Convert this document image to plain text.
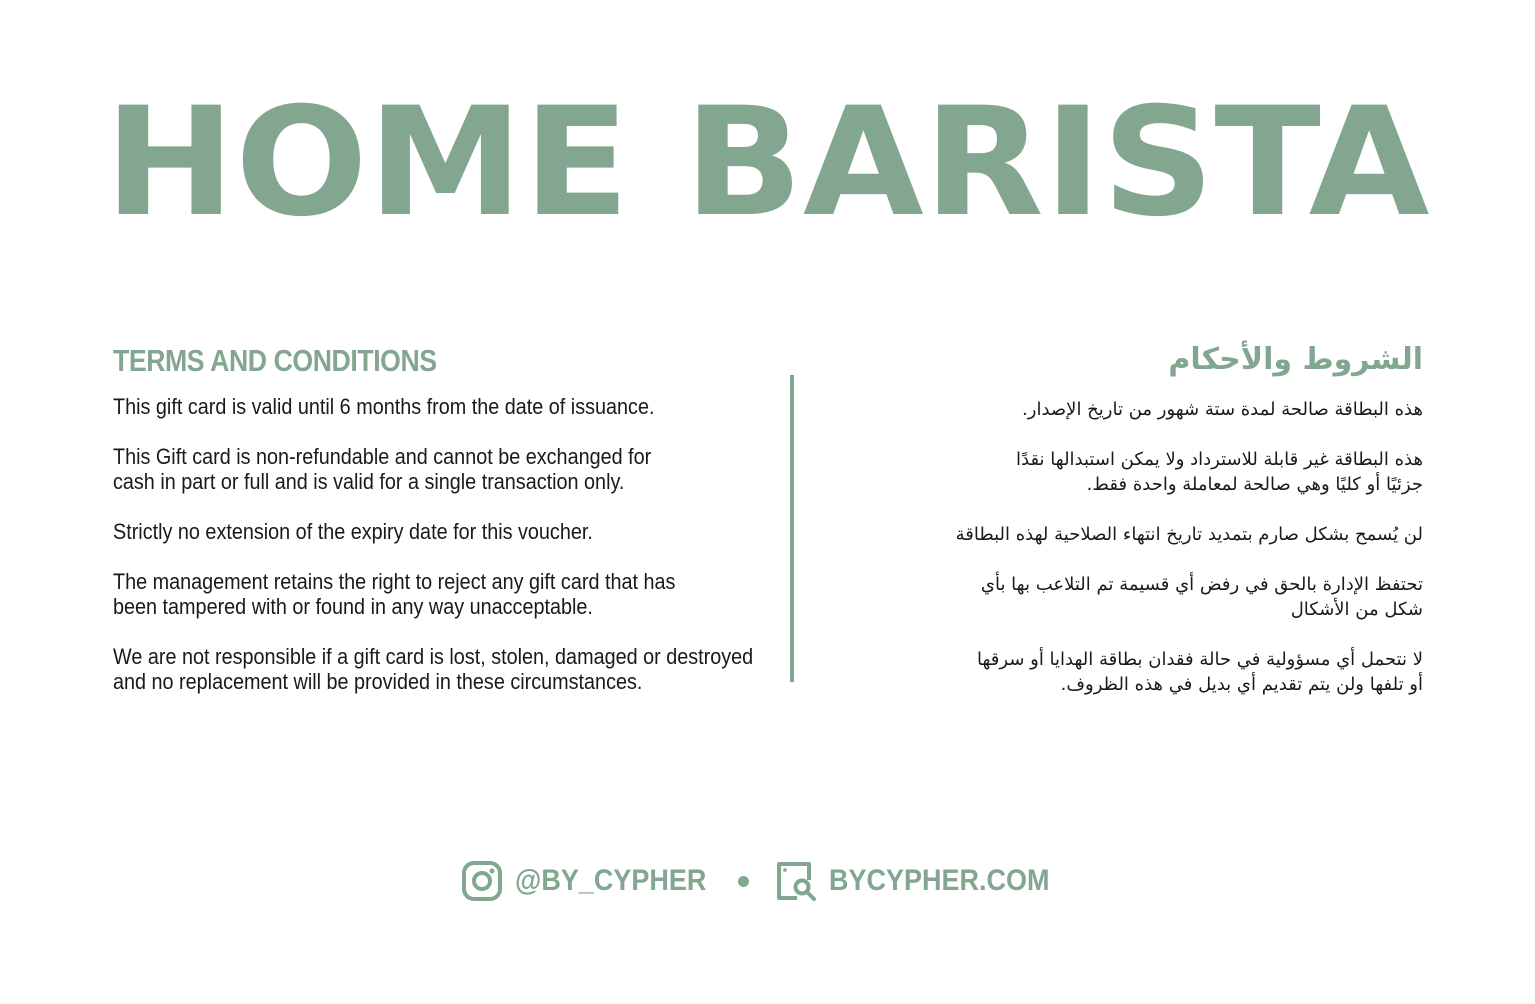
HOME BARISTA
TERMS AND CONDITIONS
This gift card is valid until 6 months from the date of issuance.
This Gift card is non-refundable and cannot be exchanged for
cash in part or full and is valid for a single transaction only.
Strictly no extension of the expiry date for this voucher.
The management retains the right to reject any gift card that has
been tampered with or found in any way unacceptable.
We are not responsible if a gift card is lost, stolen, damaged or destroyed
and no replacement will be provided in these circumstances.
الشروط والأحكام
هذه البطاقة صالحة لمدة ستة شهور من تاريخ الإصدار.
هذه البطاقة غير قابلة للاسترداد ولا يمكن استبدالها نقدًا
جزئيًا أو كليًا وهي صالحة لمعاملة واحدة فقط.
لن يُسمح بشكل صارم بتمديد تاريخ انتهاء الصلاحية لهذه البطاقة
تحتفظ الإدارة بالحق في رفض أي قسيمة تم التلاعب بها بأي
شكل من الأشكال
لا نتحمل أي مسؤولية في حالة فقدان بطاقة الهدايا أو سرقها
أو تلفها ولن يتم تقديم أي بديل في هذه الظروف.
@BY_CYPHER	BYCYPHER.COM
